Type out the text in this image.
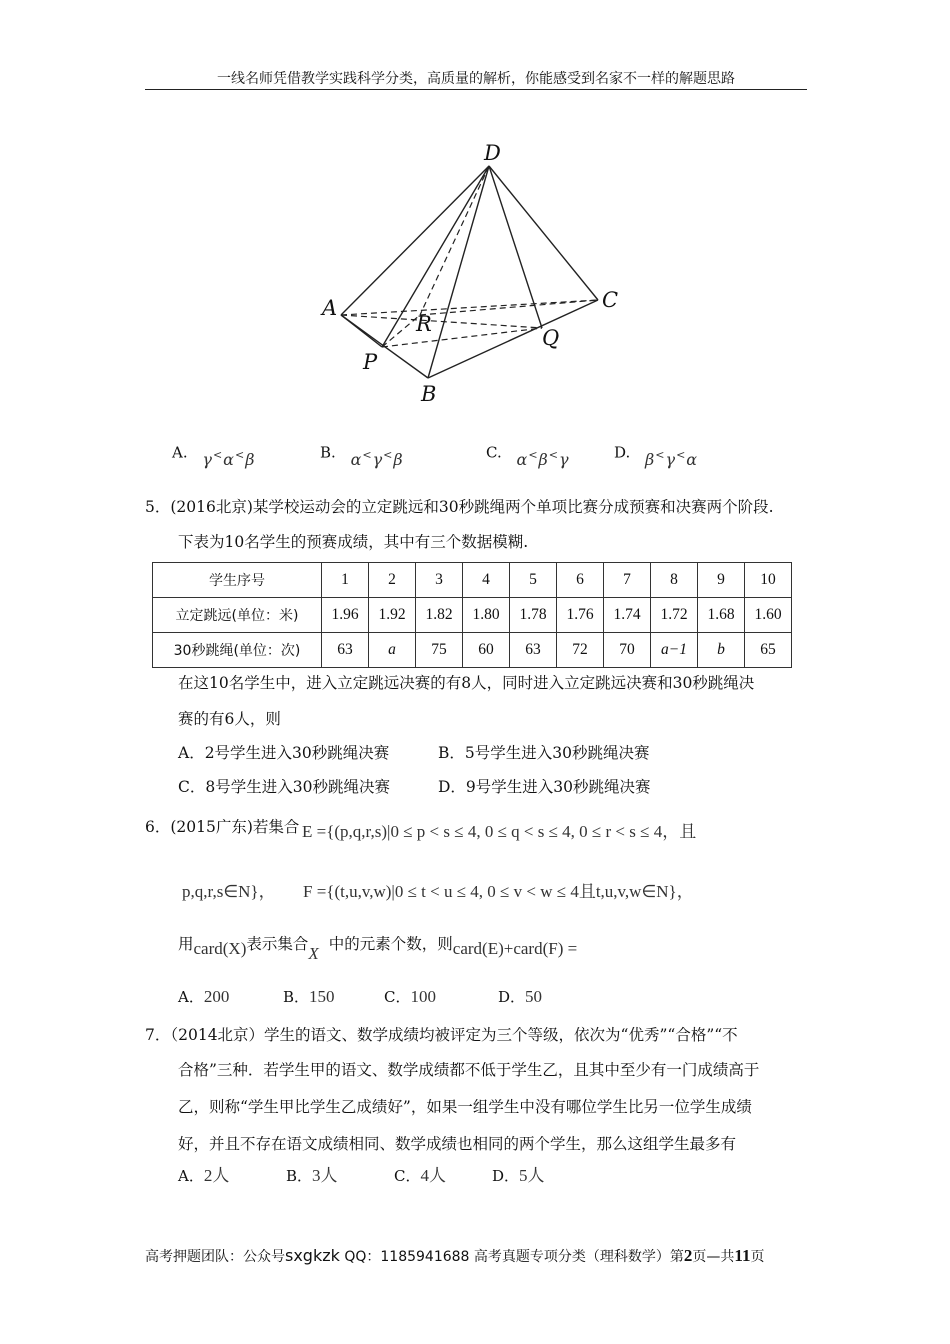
一线名师凭借教学实践科学分类，高质量的解析，你能感受到名家不一样的解题思路
D
A	C
R
Q
P
B
A. γ<α<β	B. α<γ<β	C. α<β<γ	D. β<γ<α
5．(2016北京)某学校运动会的立定跳远和30秒跳绳两个单项比赛分成预赛和决赛两个阶段.
下表为10名学生的预赛成绩，其中有三个数据模糊.
学生序号	1	2	3	4	5	6	7	8	9	10
立定跳远(单位：米)	1.96	1.92	1.82	1.80	1.78	1.76	1.74	1.72	1.68	1.60
30秒跳绳(单位：次)	63	a	75	60	63	72	70	a−1	b	65
在这10名学生中，进入立定跳远决赛的有8人，同时进入立定跳远决赛和30秒跳绳决
赛的有6人，则
A．2号学生进入30秒跳绳决赛	B．5号学生进入30秒跳绳决赛
C．8号学生进入30秒跳绳决赛	D．9号学生进入30秒跳绳决赛
6．(2015广东)若集合 E ={(p,q,r,s)|0 ≤ p < s ≤ 4, 0 ≤ q < s ≤ 4, 0 ≤ r < s ≤ 4，且
p,q,r,s∈N}， F ={(t,u,v,w)|0 ≤ t < u ≤ 4, 0 ≤ v < w ≤ 4且t,u,v,w∈N}，
用card(X)表示集合X 中的元素个数，则card(E)+card(F) =
A．200	B．150	C．100	D．50
7．（2014北京）学生的语文、数学成绩均被评定为三个等级，依次为“优秀”“合格”“不
合格”三种．若学生甲的语文、数学成绩都不低于学生乙，且其中至少有一门成绩高于
乙，则称“学生甲比学生乙成绩好”，如果一组学生中没有哪位学生比另一位学生成绩
好，并且不存在语文成绩相同、数学成绩也相同的两个学生，那么这组学生最多有
A．2人	B．3人	C．4人	D．5人
高考押题团队：公众号sxgkzk QQ：1185941688 高考真题专项分类（理科数学）第2页—共11页
